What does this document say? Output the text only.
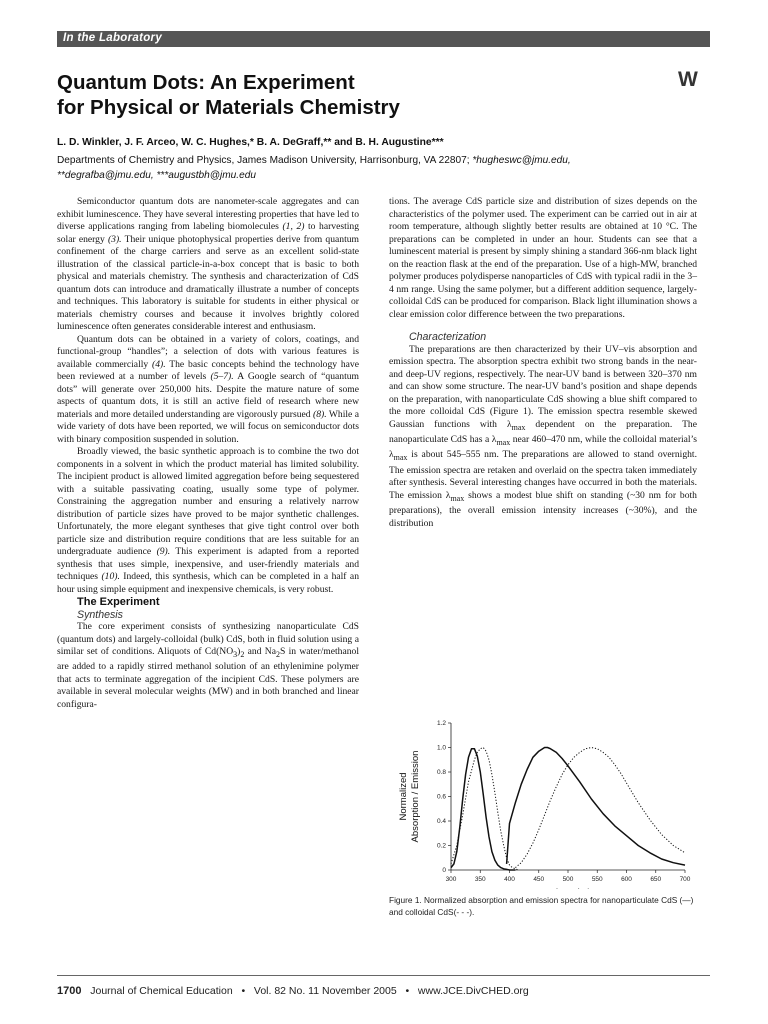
In the Laboratory
Quantum Dots: An Experiment
for Physical or Materials Chemistry
W
L. D. Winkler, J. F. Arceo, W. C. Hughes,* B. A. DeGraff,** and B. H. Augustine***
Departments of Chemistry and Physics, James Madison University, Harrisonburg, VA 22807; *hugheswc@jmu.edu,
**degrafba@jmu.edu, ***augustbh@jmu.edu

Semiconductor quantum dots are nanometer-scale aggregates and can exhibit luminescence. They have several interesting properties that have led to diverse applications ranging from labeling biomolecules (1, 2) to harvesting solar energy (3). Their unique photophysical properties derive from quantum confinement of the charge carriers and serve as an excellent solid-state illustration of the classical particle-in-a-box concept that is basic to both physical and materials chemistry. The synthesis and characterization of CdS quantum dots can introduce and dramatically illustrate a number of concepts and techniques. This laboratory is suitable for students in either physical or materials chemistry courses and because it involves brightly colored luminescence often generates considerable interest and enthusiasm.

Quantum dots can be obtained in a variety of colors, coatings, and functional-group “handles”; a selection of dots with various features is available commercially (4). The basic concepts behind the technology have been reviewed at a number of levels (5–7). A Google search of “quantum dots” will generate over 250,000 hits. Despite the mature nature of some aspects of quantum dots, it is still an active field of research where new materials and more detailed understanding are vigorously pursued (8). While a wide variety of dots have been reported, we will focus on semiconductor dots with binary composition suspended in solution.

Broadly viewed, the basic synthetic approach is to combine the two dot components in a solvent in which the product material has limited solubility. The incipient product is allowed limited aggregation before being sequestered with a suitable passivating coating, usually some type of polymer. Constraining the aggregation number and ensuring a relatively narrow distribution of particle sizes have proved to be major synthetic challenges. Unfortunately, the more elegant syntheses that give tight control over both particle size and distribution require conditions that are less suitable for an undergraduate audience (9). This experiment is adapted from a reported synthesis that uses simple, inexpensive, and user-friendly materials and techniques (10). Indeed, this synthesis, which can be completed in a half an hour using simple equipment and inexpensive chemicals, is very robust.

The Experiment

Synthesis

The core experiment consists of synthesizing nanoparticulate CdS (quantum dots) and largely-colloidal (bulk) CdS, both in fluid solution using a similar set of conditions. Aliquots of $Cd(NO_3)_2$ and $Na_2S$ in water/methanol are added to a rapidly stirred methanol solution of an ethylenimine polymer that acts to terminate aggregation of the incipient CdS. These polymers are available in several molecular weights (MW) and in both branched and linear configura-

tions. The average CdS particle size and distribution of sizes depends on the characteristics of the polymer used. The experiment can be carried out in air at room temperature, although slightly better results are obtained at 10 °C. The preparations can be completed in under an hour. Students can see that a luminescent material is present by simply shining a standard 366-nm black light on the reaction flask at the end of the preparation. Use of a high-MW, branched polymer produces polydisperse nanoparticles of CdS with typical radii in the 3–4 nm range. Using the same polymer, but a different addition sequence, largely-colloidal CdS can be produced for comparison. Black light illumination shows a clear emission color difference between the two preparations.

Characterization

The preparations are then characterized by their UV–vis absorption and emission spectra. The absorption spectra exhibit two strong bands in the near- and deep-UV regions, respectively. The near-UV band is between 320–370 nm and can show some structure. The near-UV band’s position and shape depends on the preparation, with nanoparticulate CdS showing a blue shift compared to the more colloidal CdS (Figure 1). The emission spectra resemble skewed Gaussian functions with $\lambda_{max}$ dependent on the preparation. The nanoparticulate CdS has a $\lambda_{max}$ near 460–470 nm, while the colloidal material’s $\lambda_{max}$ is about 545–555 nm. The preparations are allowed to stand overnight. The emission spectra are retaken and overlaid on the spectra taken immediately after synthesis. Several interesting changes have occurred in both the materials. The emission $\lambda_{max}$ shows a modest blue shift on standing (~30 nm for both preparations), the overall emission intensity increases (~30%), and the distribution

300	350	400	450	500	550	600	650	700
0
0.2
0.4
0.6
0.8
1.0
1.2
Normalized Absorption / Emission
Figure 1. Normalized absorption and emission spectra for nanoparticulate CdS (—) and colloidal CdS(- - -).
1700 Journal of Chemical Education • Vol. 82 No. 11 November 2005 • www.JCE.DivCHED.org
